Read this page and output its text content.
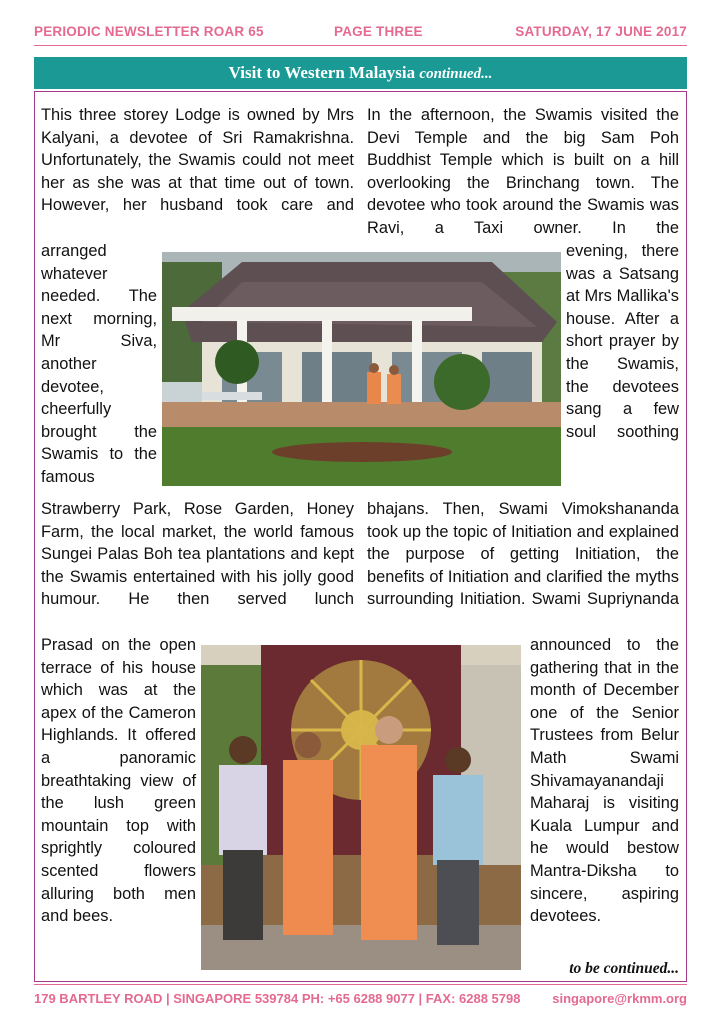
PERIODIC NEWSLETTER ROAR 65	PAGE THREE	SATURDAY, 17 JUNE 2017
Visit to Western Malaysia continued...

This three storey Lodge is owned by Mrs Kalyani, a devotee of Sri Ramakrishna. Unfortunately, the Swamis could not meet her as she was at that time out of town. However, her husband took care and

arranged whatever needed. The next morning, Mr Siva, another devotee, cheerfully brought the Swamis to the famous

Strawberry Park, Rose Garden, Honey Farm, the local market, the world famous Sungei Palas Boh tea plantations and kept the Swamis entertained with his jolly good humour. He then served lunch

Prasad on the open terrace of his house which was at the apex of the Cameron Highlands. It offered a panoramic breathtaking view of the lush green mountain top with sprightly coloured scented flowers alluring both men and bees.

In the afternoon, the Swamis visited the Devi Temple and the big Sam Poh Buddhist Temple which is built on a hill overlooking the Brinchang town. The devotee who took around the Swamis was Ravi, a Taxi owner. In the

evening, there was a Satsang at Mrs Mallika's house. After a short prayer by the Swamis, the devotees sang a few soul soothing

bhajans. Then, Swami Vimokshananda took up the topic of Initiation and explained the purpose of getting Initiation, the benefits of Initiation and clarified the myths surrounding Initiation. Swami Supriynanda

announced to the gathering that in the month of December one of the Senior Trustees from Belur Math Swami Shivamayanandaji Maharaj is visiting Kuala Lumpur and he would bestow Mantra-Diksha to sincere, aspiring devotees.

to be continued...
179 BARTLEY ROAD | SINGAPORE 539784 PH: +65 6288 9077 | FAX: 6288 5798 singapore@rkmm.org
